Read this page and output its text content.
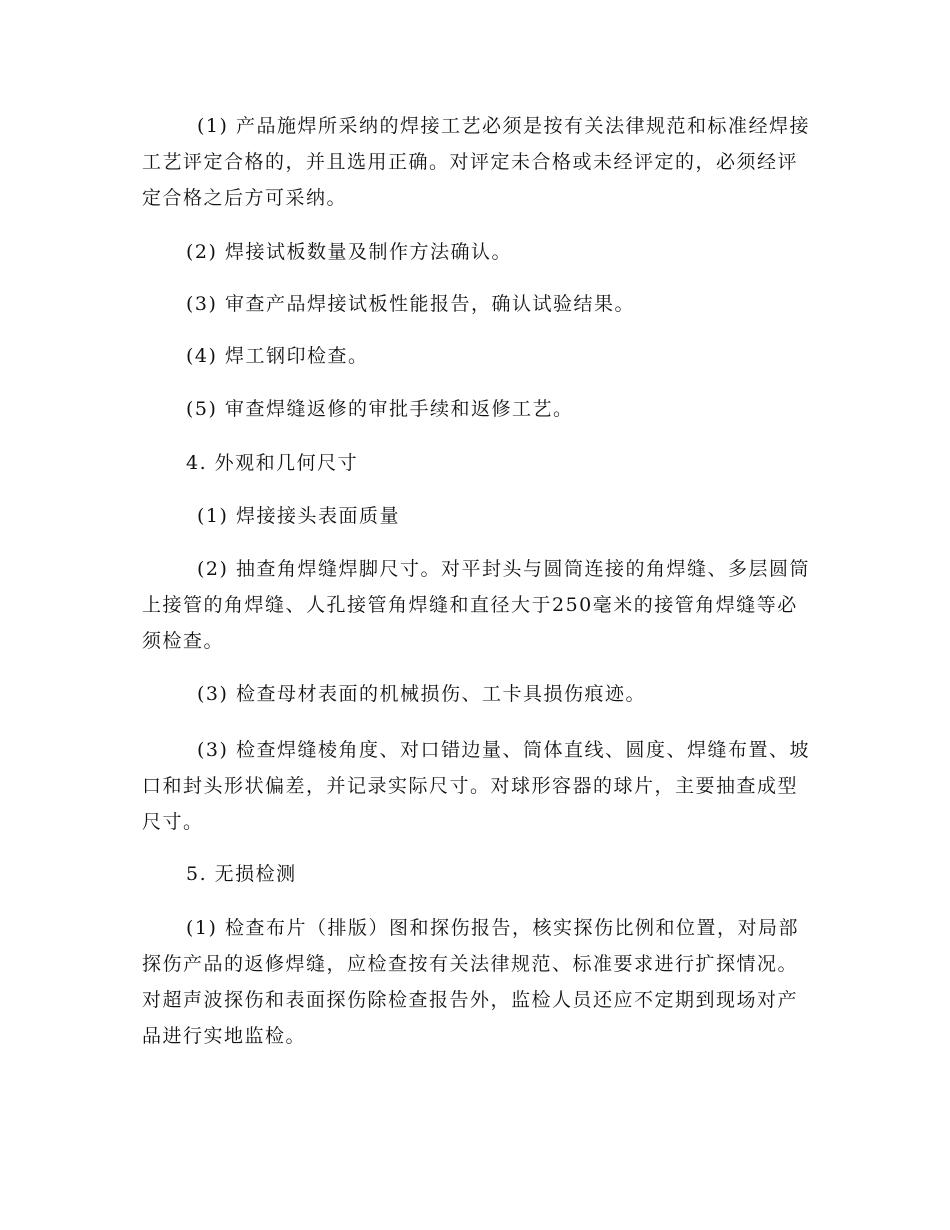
(1) 产品施焊所采纳的焊接工艺必须是按有关法律规范和标准经焊接工艺评定合格的，并且选用正确。对评定未合格或未经评定的，必须经评定合格之后方可采纳。

(2) 焊接试板数量及制作方法确认。

(3) 审查产品焊接试板性能报告，确认试验结果。

(4) 焊工钢印检查。

(5) 审查焊缝返修的审批手续和返修工艺。

4. 外观和几何尺寸

(1) 焊接接头表面质量

(2) 抽查角焊缝焊脚尺寸。对平封头与圆筒连接的角焊缝、多层圆筒上接管的角焊缝、人孔接管角焊缝和直径大于250毫米的接管角焊缝等必须检查。

(3) 检查母材表面的机械损伤、工卡具损伤痕迹。

(3) 检查焊缝棱角度、对口错边量、筒体直线、圆度、焊缝布置、坡口和封头形状偏差，并记录实际尺寸。对球形容器的球片，主要抽查成型尺寸。

5. 无损检测

(1) 检查布片（排版）图和探伤报告，核实探伤比例和位置，对局部探伤产品的返修焊缝，应检查按有关法律规范、标准要求进行扩探情况。对超声波探伤和表面探伤除检查报告外，监检人员还应不定期到现场对产品进行实地监检。
